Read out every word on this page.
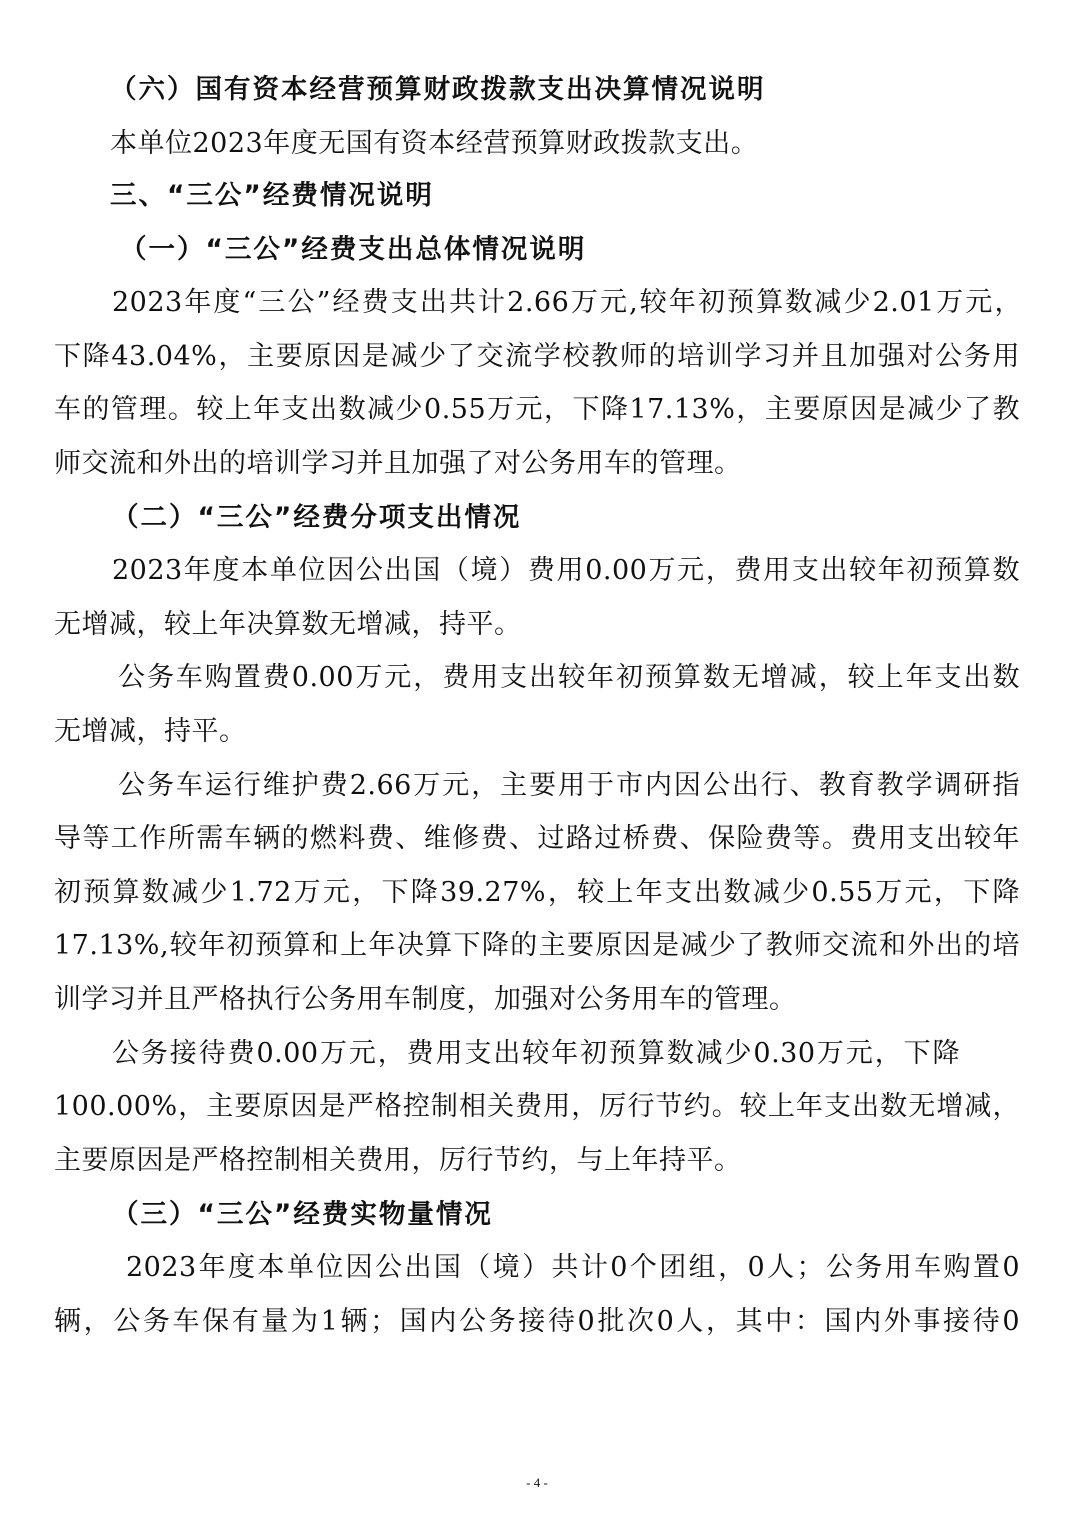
（六）国有资本经营预算财政拨款支出决算情况说明
本单位2023年度无国有资本经营预算财政拨款支出。
三、“三公”经费情况说明
（一）“三公”经费支出总体情况说明
2023年度“三公”经费支出共计2.66万元,较年初预算数减少2.01万元，
下降43.04%，主要原因是减少了交流学校教师的培训学习并且加强对公务用
车的管理。较上年支出数减少0.55万元，下降17.13%，主要原因是减少了教
师交流和外出的培训学习并且加强了对公务用车的管理。
（二）“三公”经费分项支出情况
2023年度本单位因公出国（境）费用0.00万元，费用支出较年初预算数
无增减，较上年决算数无增减，持平。
公务车购置费0.00万元，费用支出较年初预算数无增减，较上年支出数
无增减，持平。
公务车运行维护费2.66万元，主要用于市内因公出行、教育教学调研指
导等工作所需车辆的燃料费、维修费、过路过桥费、保险费等。费用支出较年
初预算数减少1.72万元，下降39.27%，较上年支出数减少0.55万元，下降
17.13%,较年初预算和上年决算下降的主要原因是减少了教师交流和外出的培
训学习并且严格执行公务用车制度，加强对公务用车的管理。
公务接待费0.00万元，费用支出较年初预算数减少0.30万元，下降
100.00%，主要原因是严格控制相关费用，厉行节约。较上年支出数无增减，
主要原因是严格控制相关费用，厉行节约，与上年持平。
（三）“三公”经费实物量情况
2023年度本单位因公出国（境）共计0个团组，0人；公务用车购置0
辆，公务车保有量为1辆；国内公务接待0批次0人，其中：国内外事接待0
- 4 -
